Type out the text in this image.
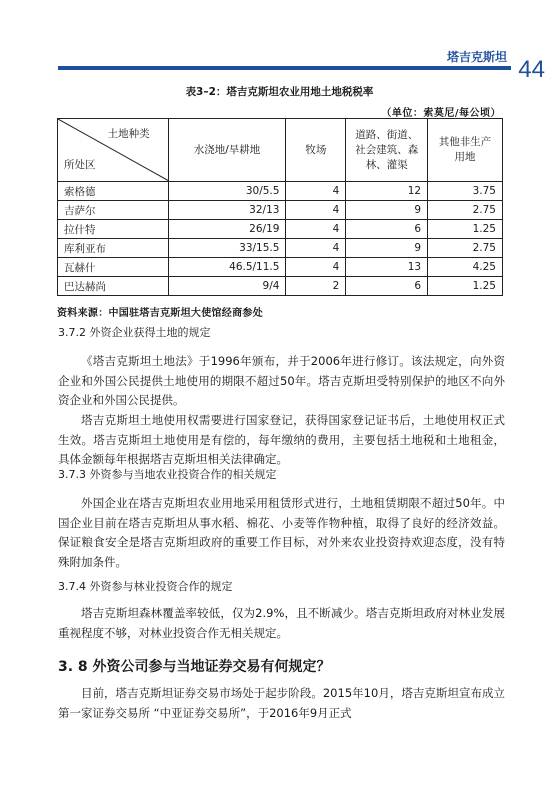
塔吉克斯坦 44
表3–2：塔吉克斯坦农业用地土地税税率
（单位：索莫尼/每公顷）
土地种类
所处区	水浇地/旱耕地	牧场	道路、街道、社会建筑、森林、灌渠	其他非生产用地
索格德	30/5.5	4	12	3.75
吉萨尔	32/13	4	9	2.75
拉什特	26/19	4	6	1.25
库利亚布	33/15.5	4	9	2.75
瓦赫什	46.5/11.5	4	13	4.25
巴达赫尚	9/4	2	6	1.25
资料来源：中国驻塔吉克斯坦大使馆经商参处
3.7.2 外资企业获得土地的规定

《塔吉克斯坦土地法》于1996年颁布，并于2006年进行修订。该法规定，向外资企业和外国公民提供土地使用的期限不超过50年。塔吉克斯坦受特别保护的地区不向外资企业和外国公民提供。

塔吉克斯坦土地使用权需要进行国家登记，获得国家登记证书后，土地使用权正式生效。塔吉克斯坦土地使用是有偿的，每年缴纳的费用，主要包括土地税和土地租金，具体金额每年根据塔吉克斯坦相关法律确定。

3.7.3 外资参与当地农业投资合作的相关规定

外国企业在塔吉克斯坦农业用地采用租赁形式进行，土地租赁期限不超过50年。中国企业目前在塔吉克斯坦从事水稻、棉花、小麦等作物种植，取得了良好的经济效益。保证粮食安全是塔吉克斯坦政府的重要工作目标，对外来农业投资持欢迎态度，没有特殊附加条件。

3.7.4 外资参与林业投资合作的规定

塔吉克斯坦森林覆盖率较低，仅为2.9%，且不断减少。塔吉克斯坦政府对林业发展重视程度不够，对林业投资合作无相关规定。

3. 8 外资公司参与当地证券交易有何规定？

目前，塔吉克斯坦证券交易市场处于起步阶段。2015年10月，塔吉克斯坦宣布成立第一家证券交易所 “中亚证券交易所”，于2016年9月正式
